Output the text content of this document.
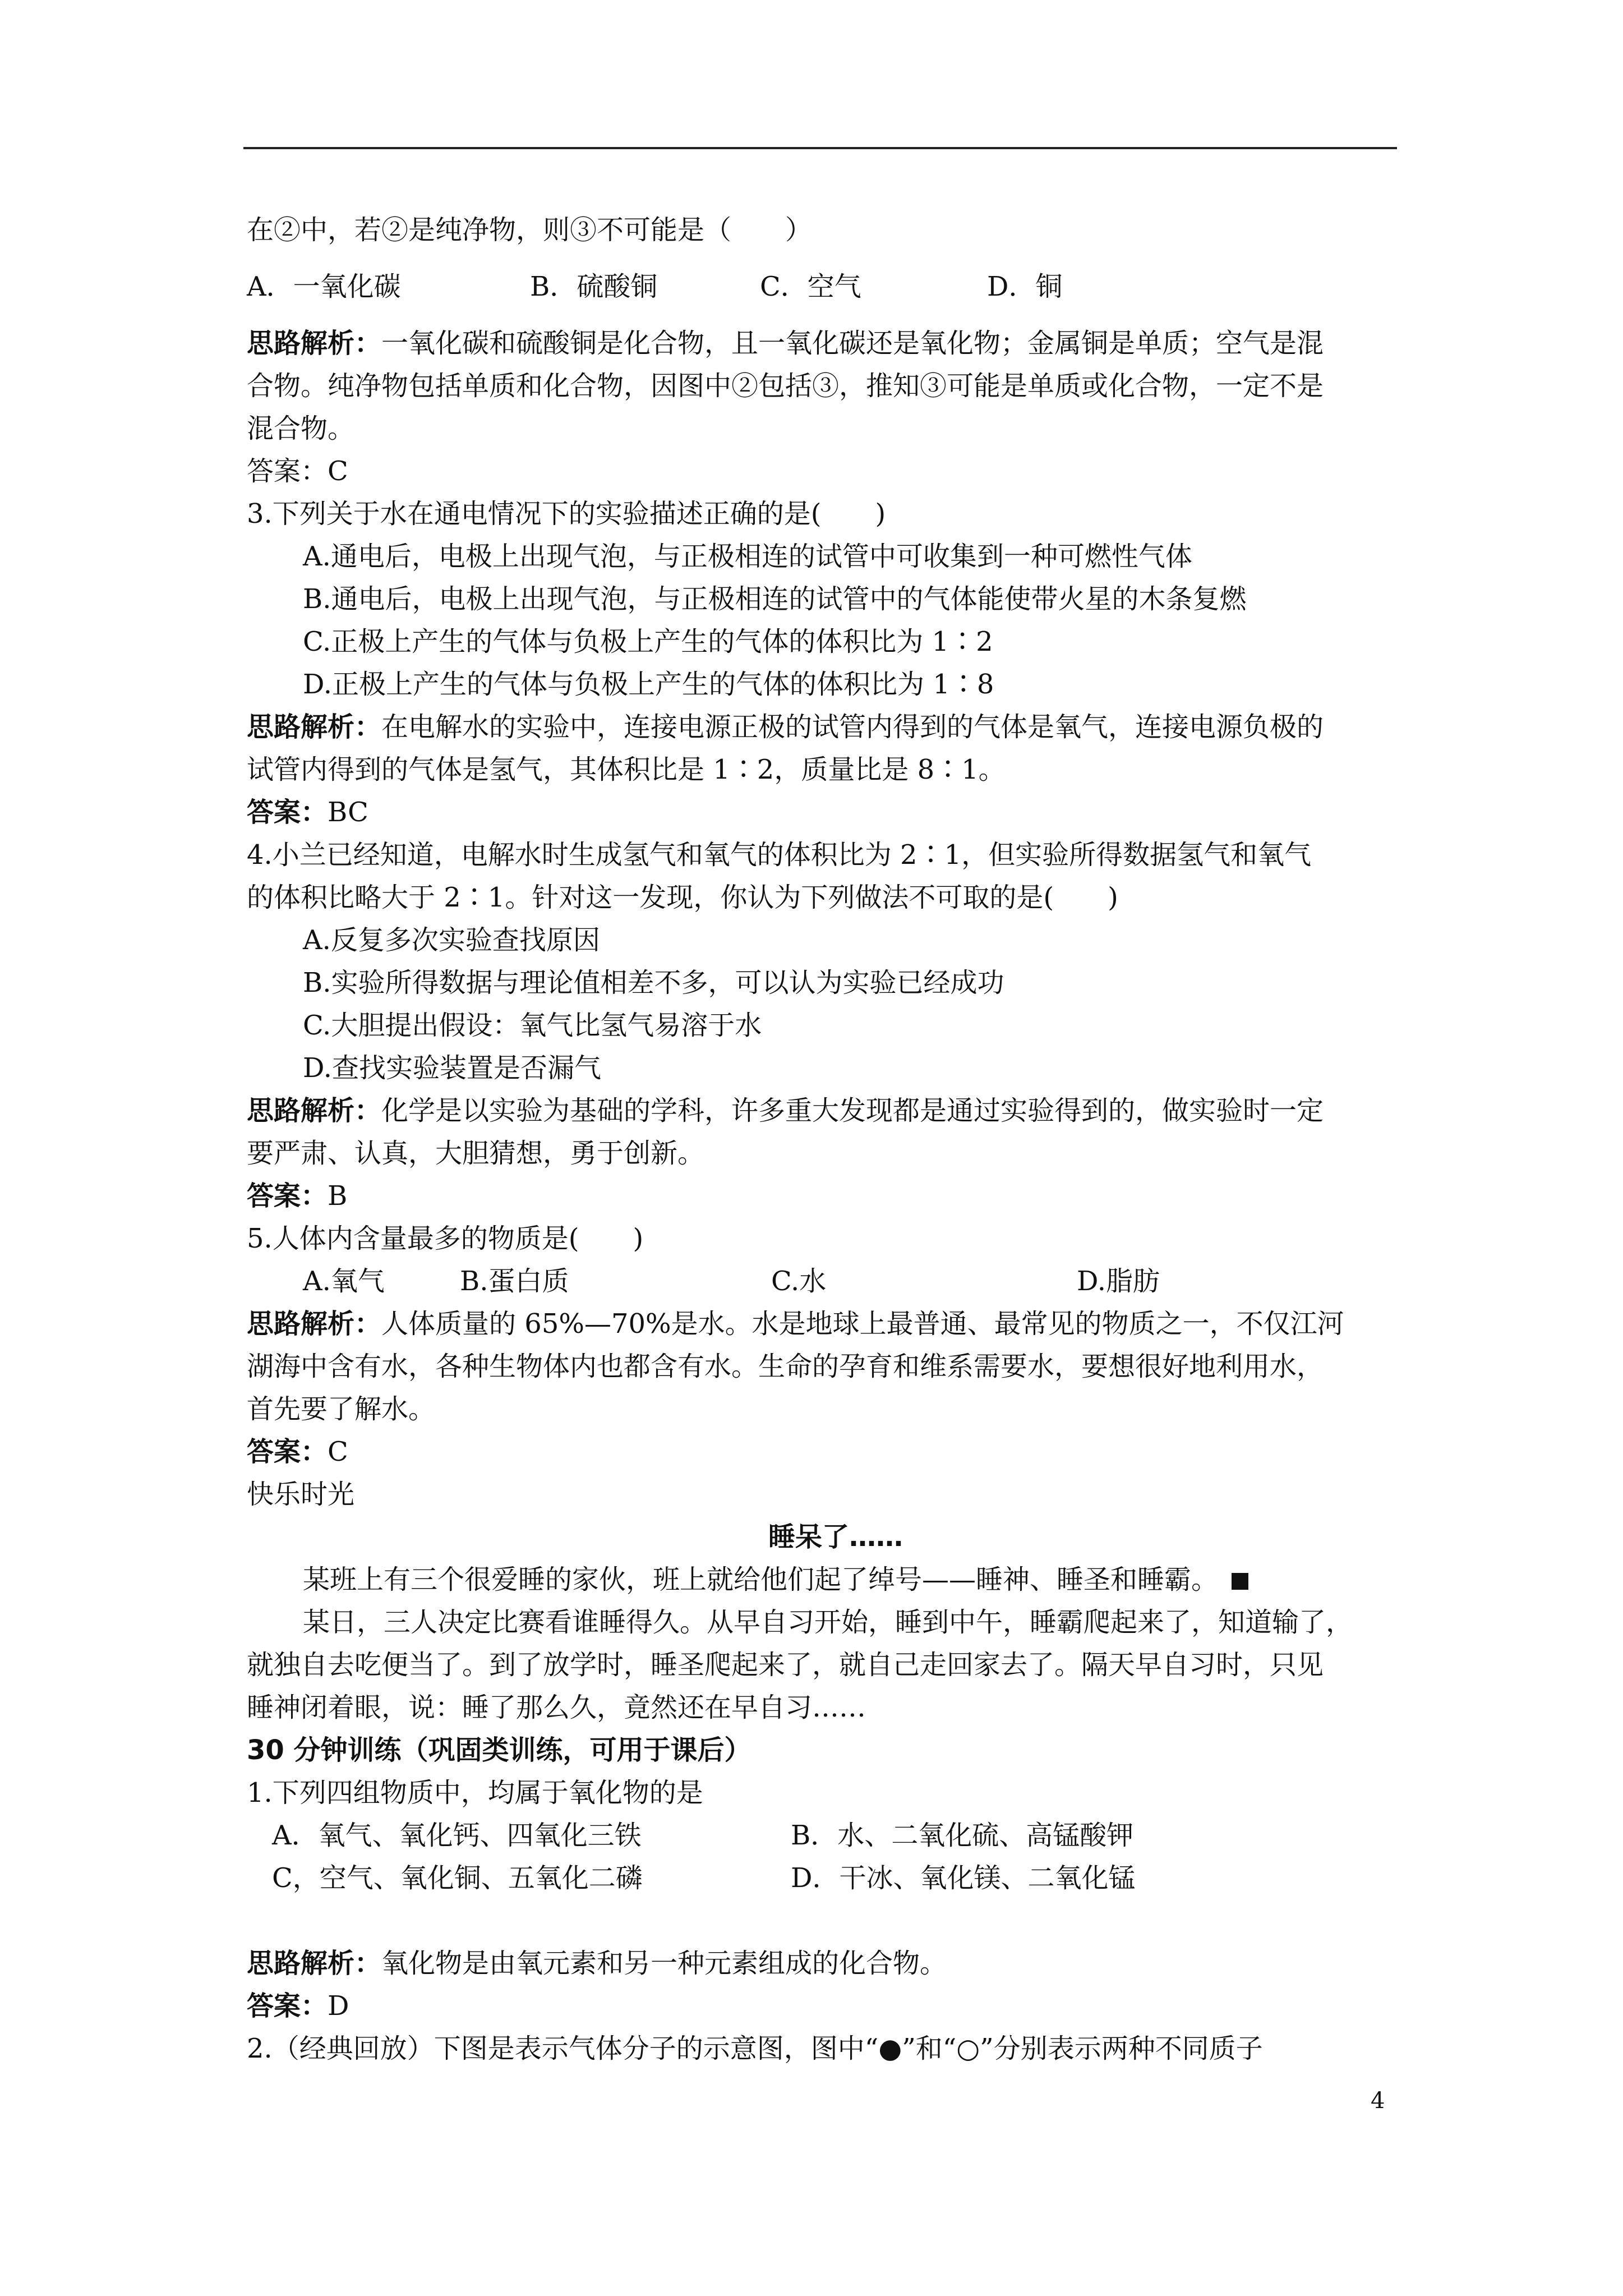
在②中，若②是纯净物，则③不可能是（　　）

A．一氧化碳	B．硫酸铜	C．空气	D．铜

思路解析：一氧化碳和硫酸铜是化合物，且一氧化碳还是氧化物；金属铜是单质；空气是混

合物。纯净物包括单质和化合物，因图中②包括③，推知③可能是单质或化合物，一定不是

混合物。

答案：C

3.下列关于水在通电情况下的实验描述正确的是(　　)

A.通电后，电极上出现气泡，与正极相连的试管中可收集到一种可燃性气体

B.通电后，电极上出现气泡，与正极相连的试管中的气体能使带火星的木条复燃

C.正极上产生的气体与负极上产生的气体的体积比为 1∶2

D.正极上产生的气体与负极上产生的气体的体积比为 1∶8

思路解析：在电解水的实验中，连接电源正极的试管内得到的气体是氧气，连接电源负极的

试管内得到的气体是氢气，其体积比是 1∶2，质量比是 8∶1。

答案：BC

4.小兰已经知道，电解水时生成氢气和氧气的体积比为 2∶1，但实验所得数据氢气和氧气

的体积比略大于 2∶1。针对这一发现，你认为下列做法不可取的是(　　)

A.反复多次实验查找原因

B.实验所得数据与理论值相差不多，可以认为实验已经成功

C.大胆提出假设：氧气比氢气易溶于水

D.查找实验装置是否漏气

思路解析：化学是以实验为基础的学科，许多重大发现都是通过实验得到的，做实验时一定

要严肃、认真，大胆猜想，勇于创新。

答案：B

5.人体内含量最多的物质是(　　)

A.氧气	B.蛋白质	C.水	D.脂肪

思路解析：人体质量的 65%—70%是水。水是地球上最普通、最常见的物质之一，不仅江河

湖海中含有水，各种生物体内也都含有水。生命的孕育和维系需要水，要想很好地利用水，

首先要了解水。

答案：C

快乐时光

睡呆了……

某班上有三个很爱睡的家伙，班上就给他们起了绰号——睡神、睡圣和睡霸。

某日，三人决定比赛看谁睡得久。从早自习开始，睡到中午，睡霸爬起来了，知道输了，

就独自去吃便当了。到了放学时，睡圣爬起来了，就自己走回家去了。隔天早自习时，只见

睡神闭着眼，说：睡了那么久，竟然还在早自习……

30 分钟训练（巩固类训练，可用于课后）

1.下列四组物质中，均属于氧化物的是

A．氧气、氧化钙、四氧化三铁	B．水、二氧化硫、高锰酸钾

C，空气、氧化铜、五氧化二磷	D．干冰、氧化镁、二氧化锰

思路解析：氧化物是由氧元素和另一种元素组成的化合物。

答案：D

2.（经典回放）下图是表示气体分子的示意图，图中“●”和“○”分别表示两种不同质子

4
